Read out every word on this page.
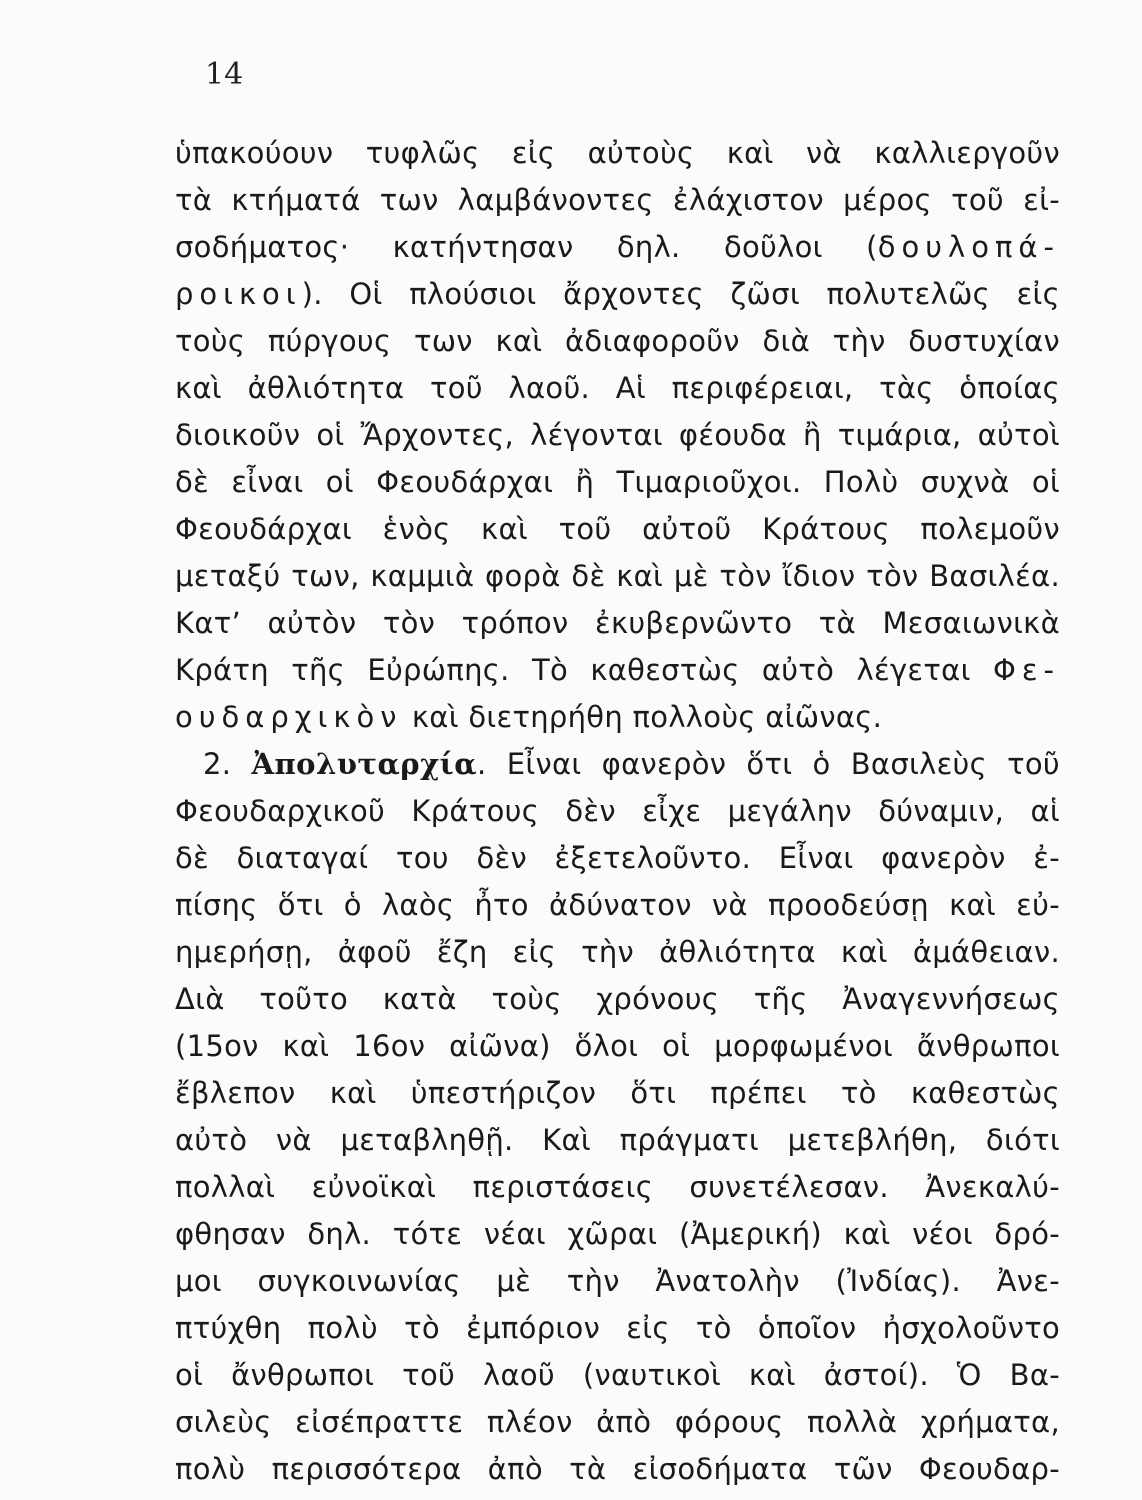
14
ὑπακούουν τυφλῶς εἰς αὐτοὺς καὶ νὰ καλλιεργοῦν
τὰ κτήματά των λαμβάνοντες ἐλάχιστον μέρος τοῦ εἰ-
σοδήματος· κατήντησαν δηλ. δοῦλοι (δουλοπά-
ροικοι). Οἱ πλούσιοι ἄρχοντες ζῶσι πολυτελῶς εἰς
τοὺς πύργους των καὶ ἀδιαφοροῦν διὰ τὴν δυστυχίαν
καὶ ἀθλιότητα τοῦ λαοῦ. Αἱ περιφέρειαι, τὰς ὁποίας
διοικοῦν οἱ Ἄρχοντες, λέγονται φέουδα ἢ τιμάρια, αὐτοὶ
δὲ εἶναι οἱ Φεουδάρχαι ἢ Τιμαριοῦχοι. Πολὺ συχνὰ οἱ
Φεουδάρχαι ἑνὸς καὶ τοῦ αὐτοῦ Κράτους πολεμοῦν
μεταξύ των, καμμιὰ φορὰ δὲ καὶ μὲ τὸν ἴδιον τὸν Βασιλέα.
Κατ’ αὐτὸν τὸν τρόπον ἐκυβερνῶντο τὰ Μεσαιωνικὰ
Κράτη τῆς Εὐρώπης. Τὸ καθεστὼς αὐτὸ λέγεται Φε-
ουδαρχικὸν καὶ διετηρήθη πολλοὺς αἰῶνας.
2. Ἀπολυταρχία. Εἶναι φανερὸν ὅτι ὁ Βασιλεὺς τοῦ
Φεουδαρχικοῦ Κράτους δὲν εἶχε μεγάλην δύναμιν, αἱ
δὲ διαταγαί του δὲν ἐξετελοῦντο. Εἶναι φανερὸν ἐ-
πίσης ὅτι ὁ λαὸς ἦτο ἀδύνατον νὰ προοδεύσῃ καὶ εὐ-
ημερήσῃ, ἀφοῦ ἔζη εἰς τὴν ἀθλιότητα καὶ ἀμάθειαν.
Διὰ τοῦτο κατὰ τοὺς χρόνους τῆς Ἀναγεννήσεως
(15ον καὶ 16ον αἰῶνα) ὅλοι οἱ μορφωμένοι ἄνθρωποι
ἔβλεπον καὶ ὑπεστήριζον ὅτι πρέπει τὸ καθεστὼς
αὐτὸ νὰ μεταβληθῇ. Καὶ πράγματι μετεβλήθη, διότι
πολλαὶ εὐνοϊκαὶ περιστάσεις συνετέλεσαν. Ἀνεκαλύ-
φθησαν δηλ. τότε νέαι χῶραι (Ἀμερική) καὶ νέοι δρό-
μοι συγκοινωνίας μὲ τὴν Ἀνατολὴν (Ἰνδίας). Ἀνε-
πτύχθη πολὺ τὸ ἐμπόριον εἰς τὸ ὁποῖον ἠσχολοῦντο
οἱ ἄνθρωποι τοῦ λαοῦ (ναυτικοὶ καὶ ἀστοί). Ὁ Βα-
σιλεὺς εἰσέπραττε πλέον ἀπὸ φόρους πολλὰ χρήματα,
πολὺ περισσότερα ἀπὸ τὰ εἰσοδήματα τῶν Φεουδαρ-
